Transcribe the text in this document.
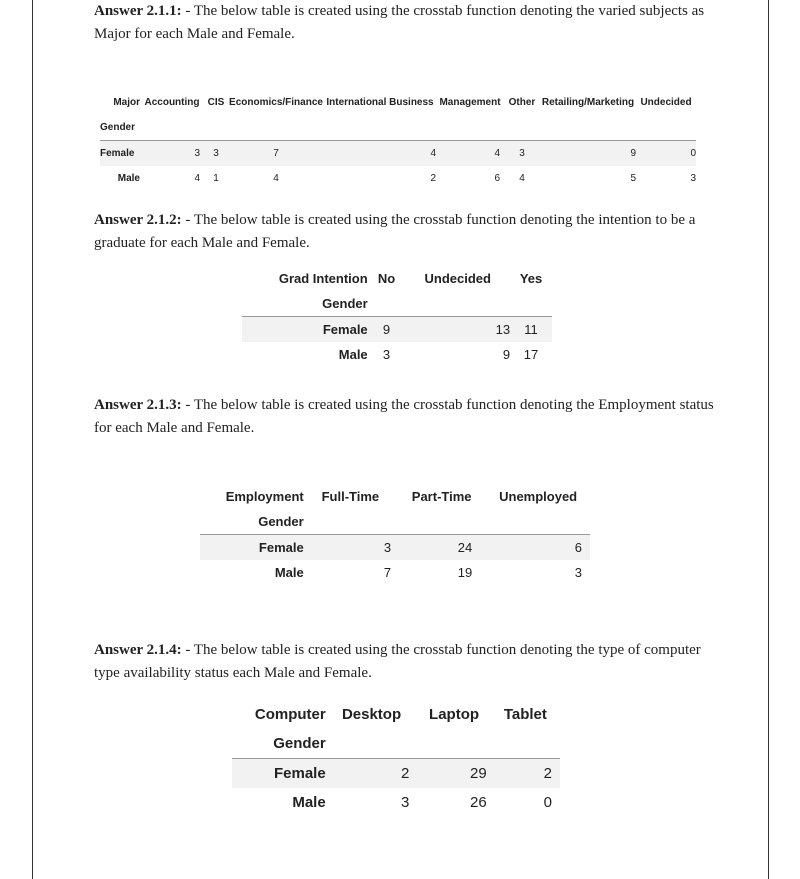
Answer 2.1.1: - The below table is created using the crosstab function denoting the varied subjects as Major for each Male and Female.
Major	Accounting	CIS	Economics/Finance	International Business	Management	Other	Retailing/Marketing	Undecided
Gender								
Female	3	3	7	4	4	3	9	0
Male	4	1	4	2	6	4	5	3
Answer 2.1.2: - The below table is created using the crosstab function denoting the intention to be a graduate for each Male and Female.
Grad Intention	No	Undecided	Yes
Gender			
Female	9	13	11
Male	3	9	17
Answer 2.1.3: - The below table is created using the crosstab function denoting the Employment status for each Male and Female.
Employment	Full-Time	Part-Time	Unemployed
Gender			
Female	3	24	6
Male	7	19	3
Answer 2.1.4: - The below table is created using the crosstab function denoting the type of computer type availability status each Male and Female.
Computer	Desktop	Laptop	Tablet
Gender			
Female	2	29	2
Male	3	26	0
